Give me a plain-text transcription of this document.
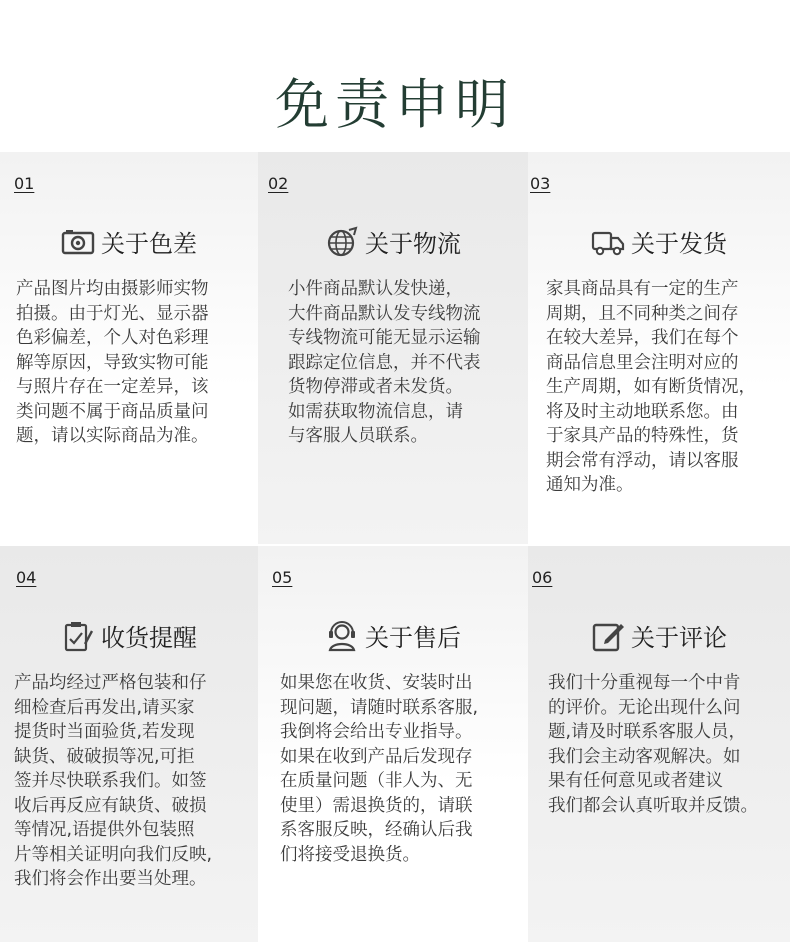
免责申明
01
关于色差
产品图片均由摄影师实物
拍摄。由于灯光、显示器
色彩偏差，个人对色彩理
解等原因，导致实物可能
与照片存在一定差异，该
类问题不属于商品质量问
题，请以实际商品为准。
02
关于物流
小件商品默认发快递，
大件商品默认发专线物流
专线物流可能无显示运输
跟踪定位信息，并不代表
货物停滞或者未发货。
如需获取物流信息，请
与客服人员联系。
03
关于发货
家具商品具有一定的生产
周期，且不同种类之间存
在较大差异，我们在每个
商品信息里会注明对应的
生产周期，如有断货情况，
将及时主动地联系您。由
于家具产品的特殊性，货
期会常有浮动，请以客服
通知为准。
04
收货提醒
产品均经过严格包装和仔
细检查后再发出,请买家
提货时当面验货,若发现
缺货、破破损等况,可拒
签并尽快联系我们。如签
收后再反应有缺货、破损
等情况,语提供外包装照
片等相关证明向我们反映,
我们将会作出要当处理。
05
关于售后
如果您在收货、安装时出
现问题，请随时联系客服,
我倒将会给出专业指导。
如果在收到产品后发现存
在质量问题（非人为、无
使里）需退换货的，请联
系客服反映，经确认后我
们将接受退换货。
06
关于评论
我们十分重视每一个中肯
的评价。无论出现什么问
题,请及时联系客服人员，
我们会主动客观解决。如
果有任何意见或者建议
我们都会认真听取并反馈。
